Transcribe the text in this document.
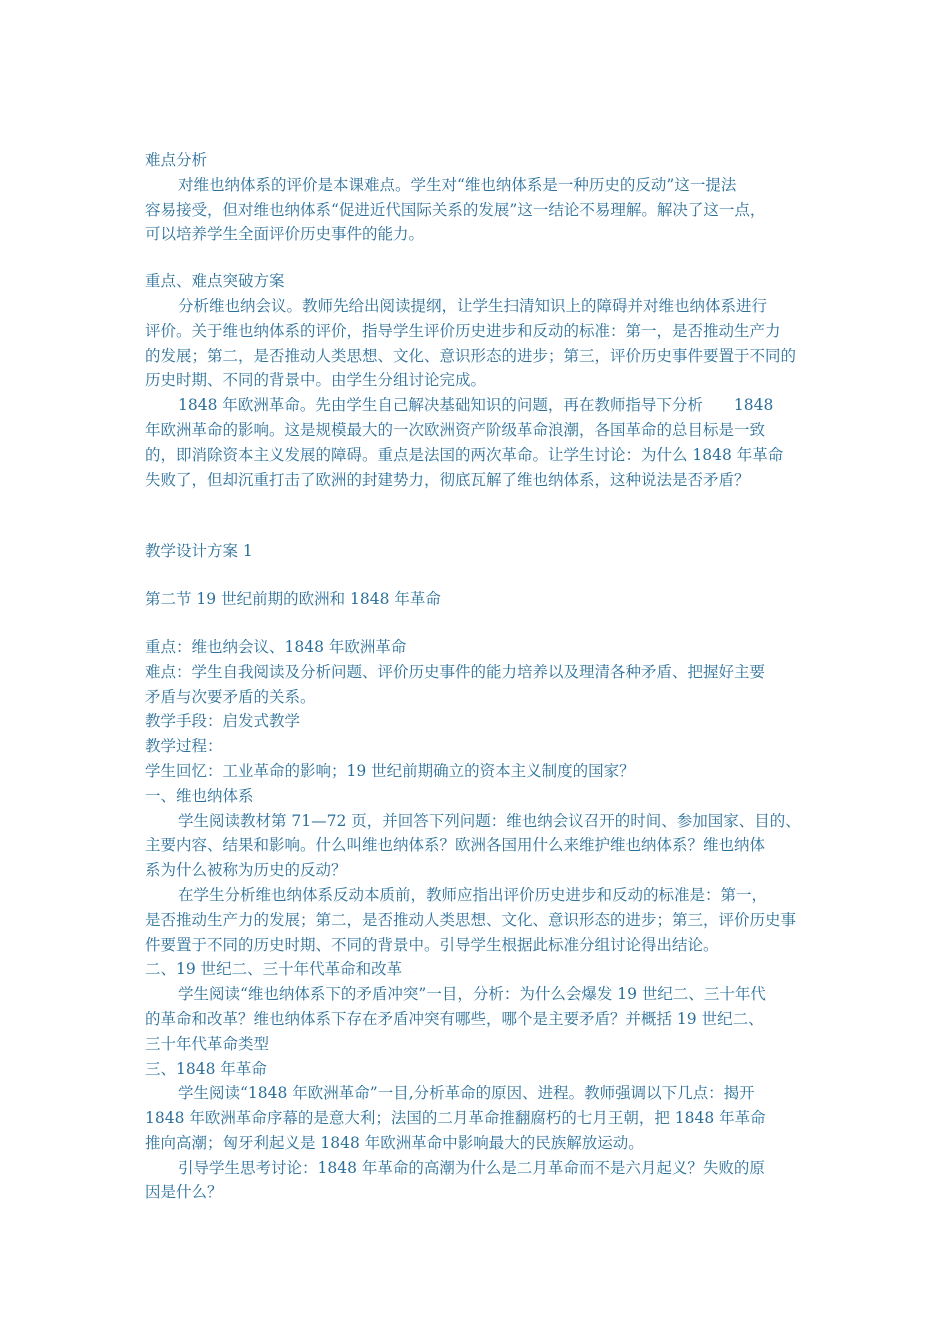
难点分析
对维也纳体系的评价是本课难点。学生对“维也纳体系是一种历史的反动”这一提法
容易接受，但对维也纳体系“促进近代国际关系的发展”这一结论不易理解。解决了这一点，
可以培养学生全面评价历史事件的能力。
重点、难点突破方案
分析维也纳会议。教师先给出阅读提纲，让学生扫清知识上的障碍并对维也纳体系进行
评价。关于维也纳体系的评价，指导学生评价历史进步和反动的标准：第一，是否推动生产力
的发展；第二，是否推动人类思想、文化、意识形态的进步；第三，评价历史事件要置于不同的
历史时期、不同的背景中。由学生分组讨论完成。
1848 年欧洲革命。先由学生自己解决基础知识的问题，再在教师指导下分析　　1848
年欧洲革命的影响。这是规模最大的一次欧洲资产阶级革命浪潮，各国革命的总目标是一致
的，即消除资本主义发展的障碍。重点是法国的两次革命。让学生讨论：为什么 1848 年革命
失败了，但却沉重打击了欧洲的封建势力，彻底瓦解了维也纳体系，这种说法是否矛盾？
教学设计方案 1
第二节 19 世纪前期的欧洲和 1848 年革命
重点：维也纳会议、1848 年欧洲革命
难点：学生自我阅读及分析问题、评价历史事件的能力培养以及理清各种矛盾、把握好主要
矛盾与次要矛盾的关系。
教学手段：启发式教学
教学过程：
学生回忆：工业革命的影响；19 世纪前期确立的资本主义制度的国家？
一、维也纳体系
学生阅读教材第 71—72 页，并回答下列问题：维也纳会议召开的时间、参加国家、目的、
主要内容、结果和影响。什么叫维也纳体系？欧洲各国用什么来维护维也纳体系？维也纳体
系为什么被称为历史的反动？
在学生分析维也纳体系反动本质前，教师应指出评价历史进步和反动的标准是：第一，
是否推动生产力的发展；第二，是否推动人类思想、文化、意识形态的进步；第三，评价历史事
件要置于不同的历史时期、不同的背景中。引导学生根据此标准分组讨论得出结论。
二、19 世纪二、三十年代革命和改革
学生阅读“维也纳体系下的矛盾冲突”一目，分析：为什么会爆发 19 世纪二、三十年代
的革命和改革？维也纳体系下存在矛盾冲突有哪些，哪个是主要矛盾？并概括 19 世纪二、
三十年代革命类型
三、1848 年革命
学生阅读“1848 年欧洲革命”一目,分析革命的原因、进程。教师强调以下几点：揭开
1848 年欧洲革命序幕的是意大利；法国的二月革命推翻腐朽的七月王朝，把 1848 年革命
推向高潮；匈牙利起义是 1848 年欧洲革命中影响最大的民族解放运动。
引导学生思考讨论：1848 年革命的高潮为什么是二月革命而不是六月起义？失败的原
因是什么？
